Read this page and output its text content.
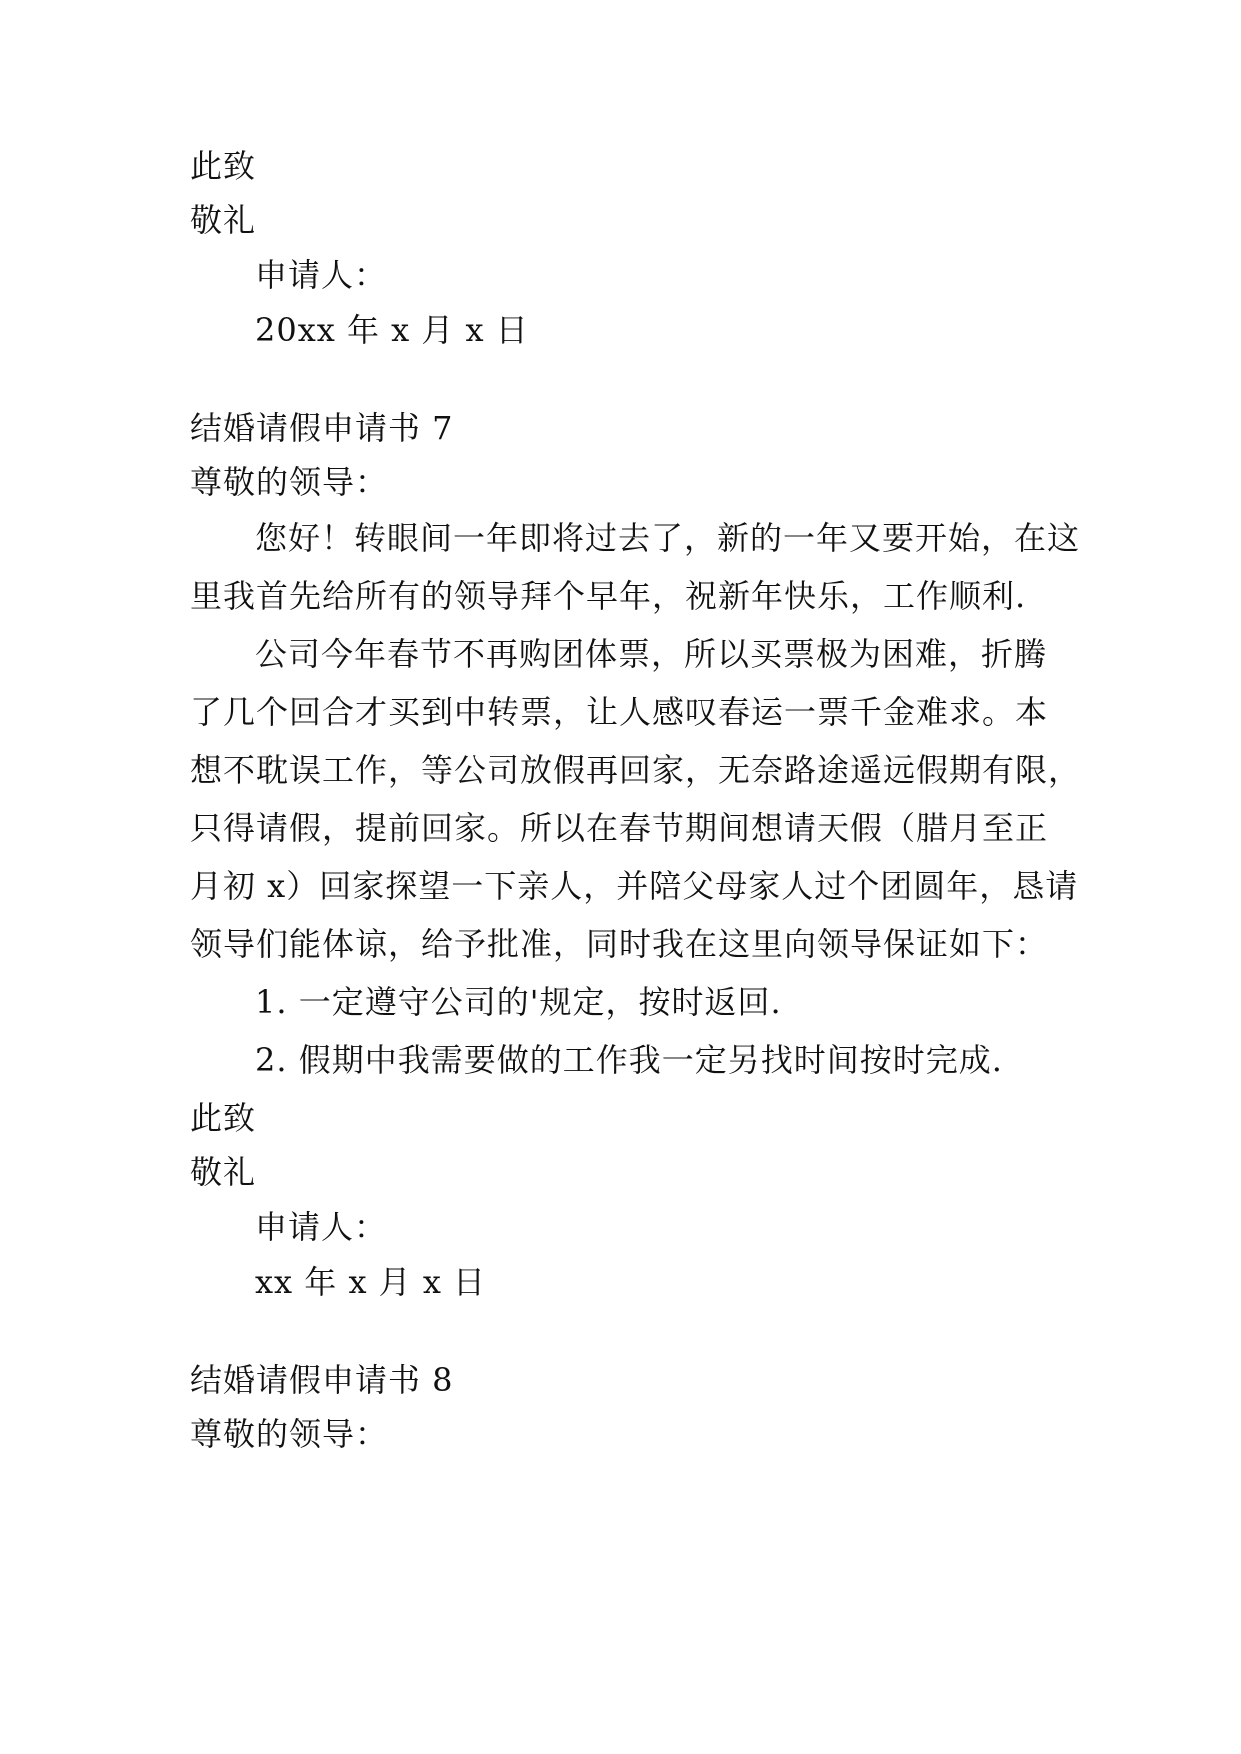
此致
敬礼
申请人：
20xx 年 x 月 x 日
结婚请假申请书 7
尊敬的领导：
您好！转眼间一年即将过去了，新的一年又要开始，在这
里我首先给所有的领导拜个早年，祝新年快乐，工作顺利.
公司今年春节不再购团体票，所以买票极为困难，折腾
了几个回合才买到中转票，让人感叹春运一票千金难求。本
想不耽误工作，等公司放假再回家，无奈路途遥远假期有限，
只得请假，提前回家。所以在春节期间想请天假（腊月至正
月初 x）回家探望一下亲人，并陪父母家人过个团圆年，恳请
领导们能体谅，给予批准，同时我在这里向领导保证如下：
1. 一定遵守公司的'规定，按时返回.
2. 假期中我需要做的工作我一定另找时间按时完成.
此致
敬礼
申请人：
xx 年 x 月 x 日
结婚请假申请书 8
尊敬的领导：
